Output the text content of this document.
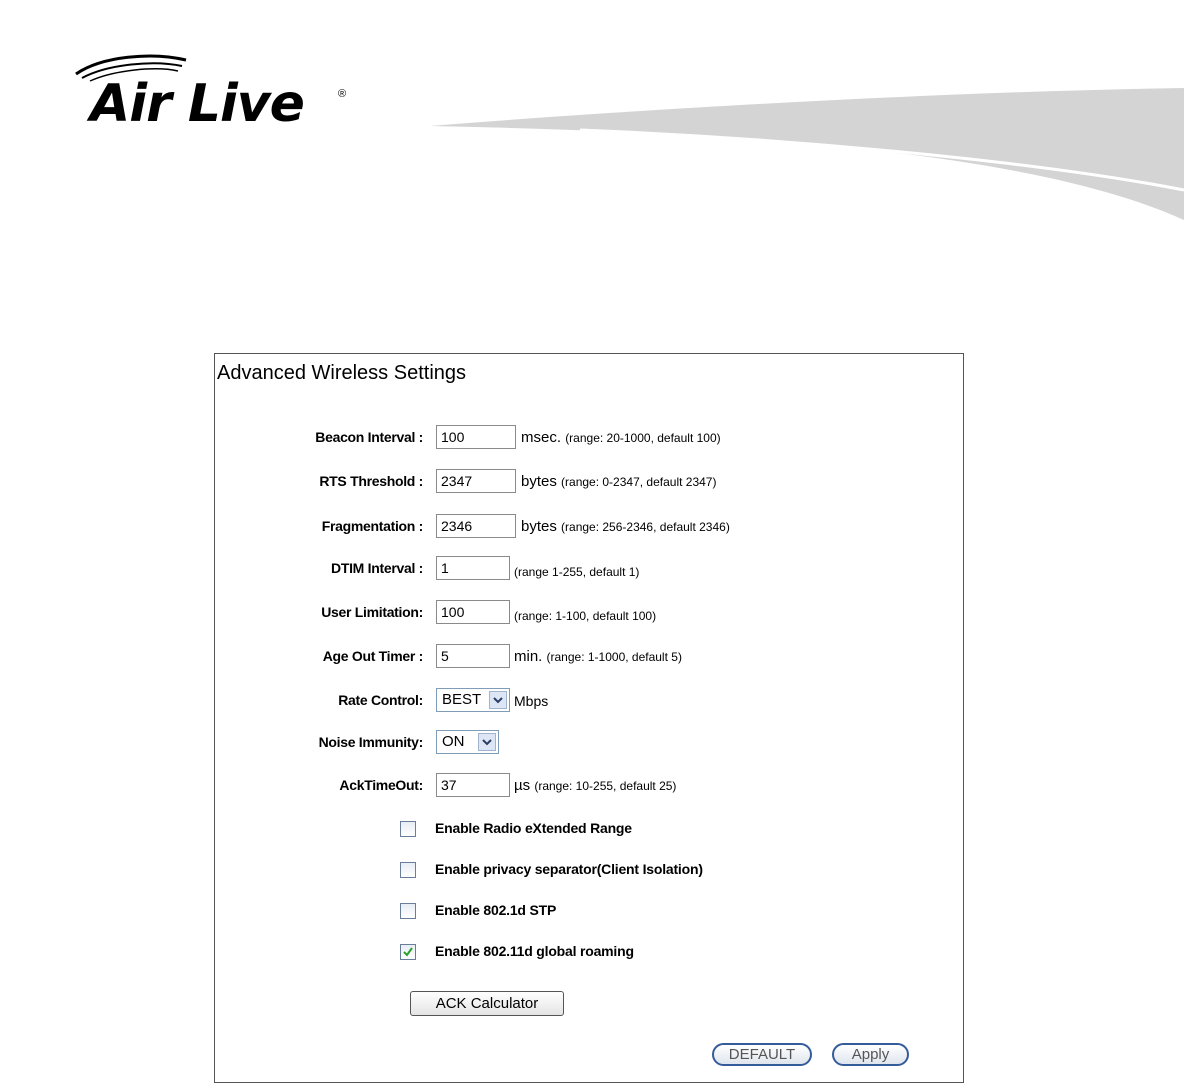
Air Live	®
Advanced Wireless Settings
Beacon Interval :
100	msec. (range: 20-1000, default 100)
RTS Threshold :
2347	bytes (range: 0-2347, default 2347)
Fragmentation :
2346	bytes (range: 256-2346, default 2346)
DTIM Interval :
1	(range 1-255, default 1)
User Limitation:
100	(range: 1-100, default 100)
Age Out Timer :
5	min. (range: 1-1000, default 5)
Rate Control: BEST Mbps
Noise Immunity: ON
AckTimeOut:
37	µs (range: 10-255, default 25)
Enable Radio eXtended Range
Enable privacy separator(Client Isolation)
Enable 802.1d STP
Enable 802.11d global roaming
ACK Calculator
DEFAULT	Apply
